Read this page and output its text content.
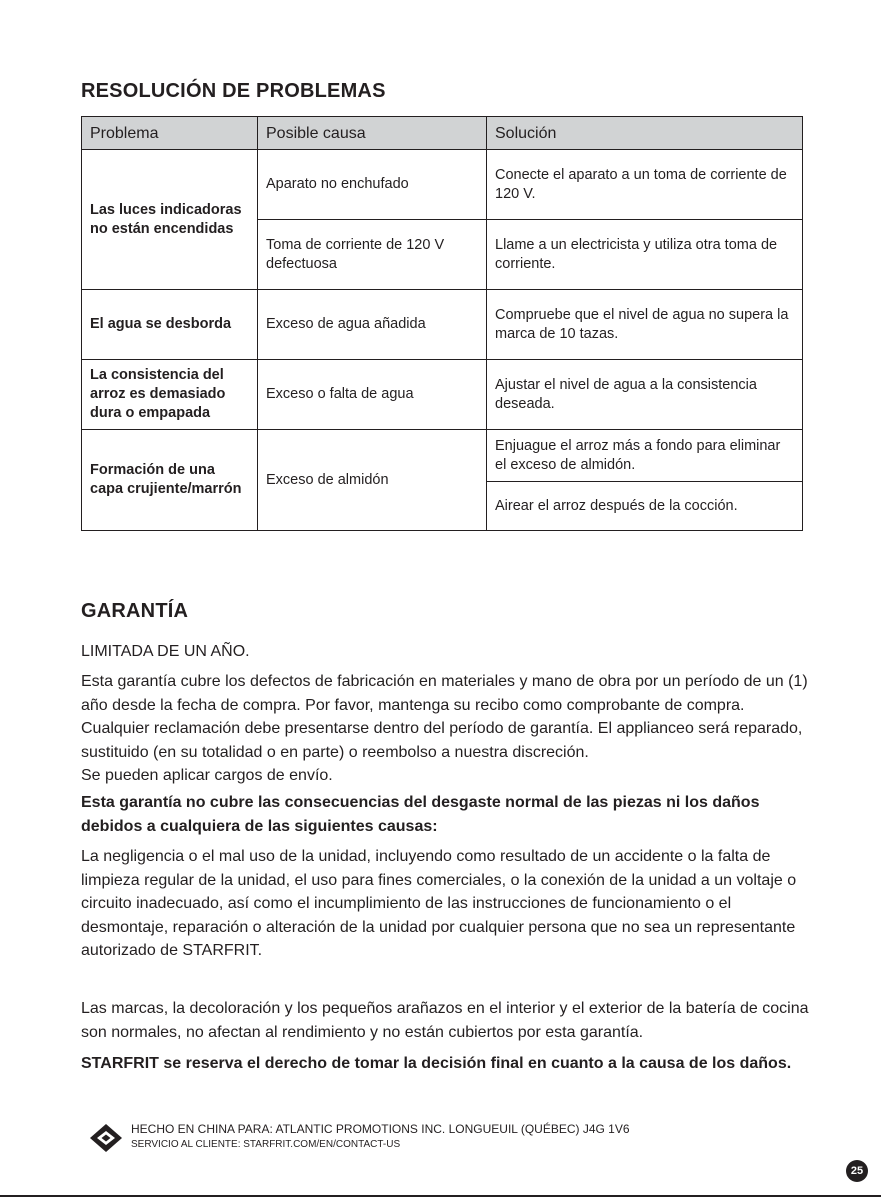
RESOLUCIÓN DE PROBLEMAS
Problema	Posible causa	Solución
Las luces indicadoras no están encendidas	Aparato no enchufado	Conecte el aparato a un toma de corriente de 120 V.
	Toma de corriente de 120 V defectuosa	Llame a un electricista y utiliza otra toma de corriente.
El agua se desborda	Exceso de agua añadida	Compruebe que el nivel de agua no supera la marca de 10 tazas.
La consistencia del arroz es demasiado dura o empapada	Exceso o falta de agua	Ajustar el nivel de agua a la consistencia deseada.
Formación de una capa crujiente/marrón	Exceso de almidón	Enjuague el arroz más a fondo para eliminar el exceso de almidón.
		Airear el arroz después de la cocción.
GARANTÍA

LIMITADA DE UN AÑO.

Esta garantía cubre los defectos de fabricación en materiales y mano de obra por un período de un (1) año desde la fecha de compra. Por favor, mantenga su recibo como comprobante de compra. Cualquier reclamación debe presentarse dentro del período de garantía. El applianceo será reparado, sustituido (en su totalidad o en parte) o reembolso a nuestra discreción.
Se pueden aplicar cargos de envío.

Esta garantía no cubre las consecuencias del desgaste normal de las piezas ni los daños debidos a cualquiera de las siguientes causas:

La negligencia o el mal uso de la unidad, incluyendo como resultado de un accidente o la falta de limpieza regular de la unidad, el uso para fines comerciales, o la conexión de la unidad a un voltaje o circuito inadecuado, así como el incumplimiento de las instrucciones de funcionamiento o el desmontaje, reparación o alteración de la unidad por cualquier persona que no sea un representante autorizado de STARFRIT.

Las marcas, la decoloración y los pequeños arañazos en el interior y el exterior de la batería de cocina son normales, no afectan al rendimiento y no están cubiertos por esta garantía.

STARFRIT se reserva el derecho de tomar la decisión final en cuanto a la causa de los daños.

HECHO EN CHINA PARA: ATLANTIC PROMOTIONS INC. LONGUEUIL (QUÉBEC) J4G 1V6
SERVICIO AL CLIENTE: STARFRIT.COM/EN/CONTACT-US
25
